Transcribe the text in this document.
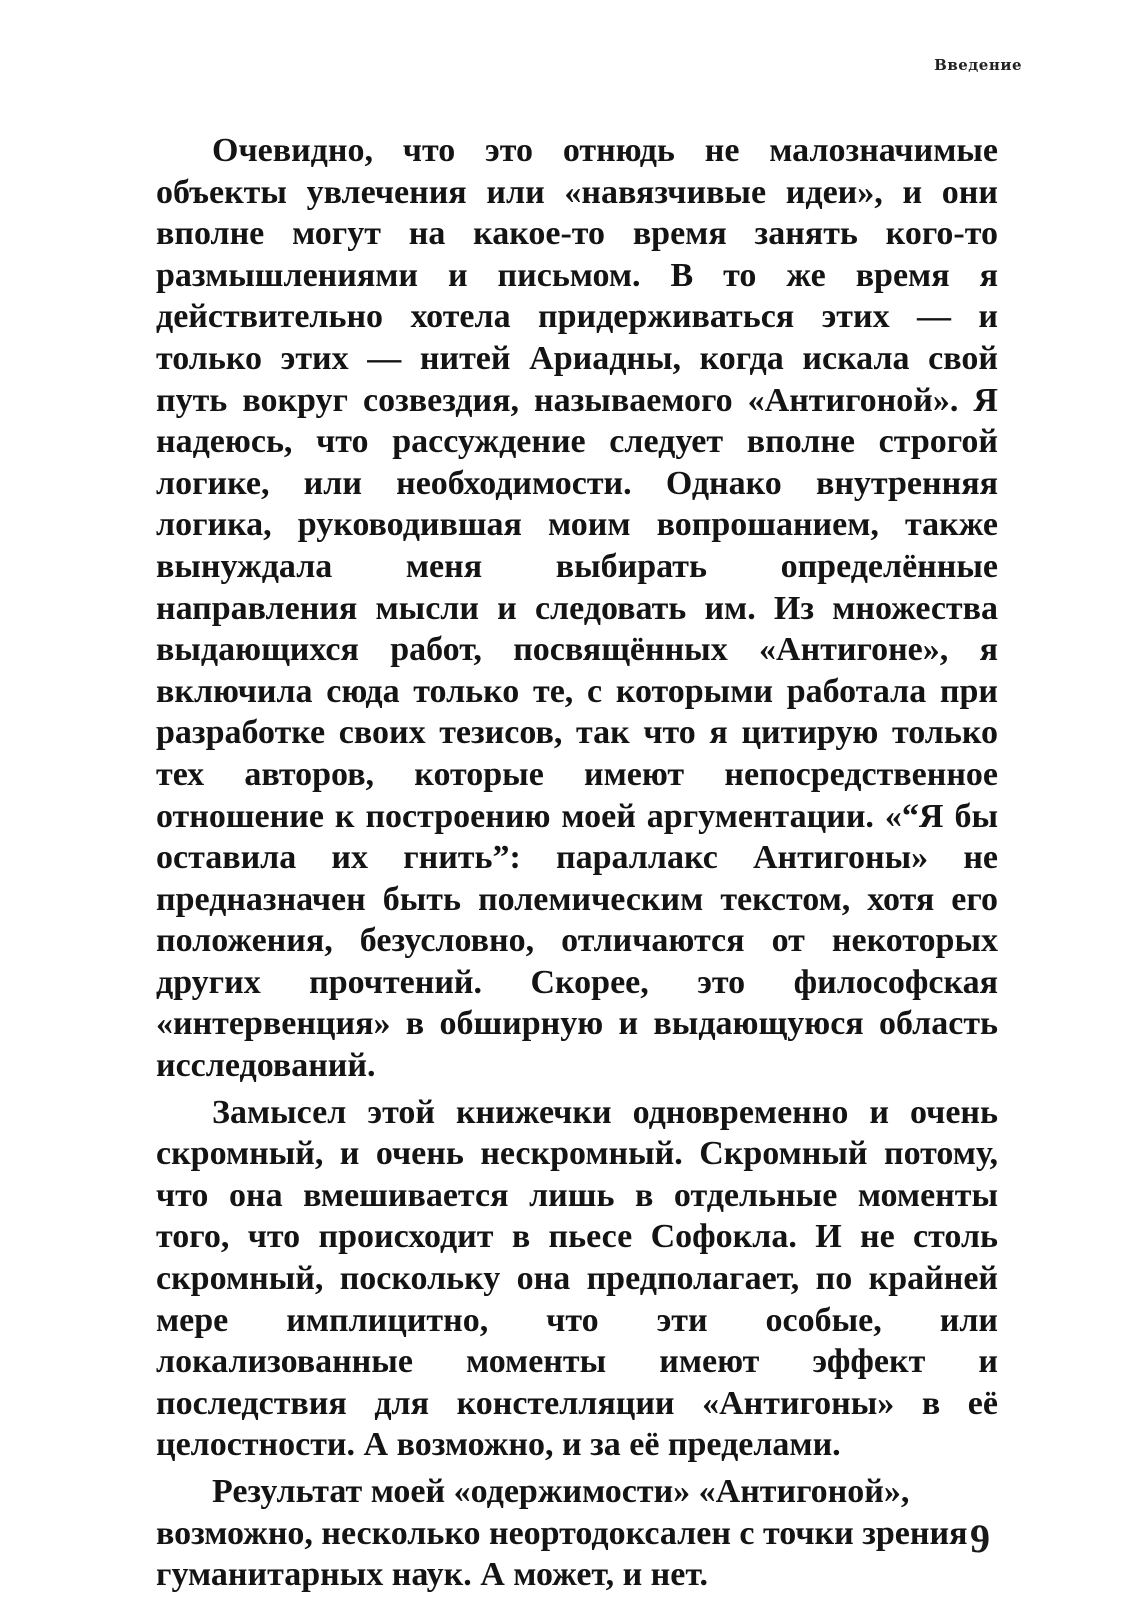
Введение

Очевидно, что это отнюдь не малозначимые объекты увлечения или «навязчивые идеи», и они вполне могут на какое-то время занять кого-то размышлениями и письмом. В то же время я действительно хотела придерживаться этих — и только этих — нитей Ариадны, когда искала свой путь вокруг созвездия, называемого «Антигоной». Я надеюсь, что рассуждение следует вполне строгой логике, или необходимости. Однако внутренняя логика, руководившая моим вопрошанием, также вынуждала меня выбирать определённые направления мысли и следовать им. Из множества выдающихся работ, посвящённых «Антигоне», я включила сюда только те, с которыми работала при разработке своих тезисов, так что я цитирую только тех авторов, которые имеют непосредственное отношение к построению моей аргументации. «“Я бы оставила их гнить”: параллакс Антигоны» не предназначен быть полемическим текстом, хотя его положения, безусловно, отличаются от некоторых других прочтений. Скорее, это философская «интервенция» в обширную и выдающуюся область исследований.

Замысел этой книжечки одновременно и очень скромный, и очень нескромный. Скромный потому, что она вмешивается лишь в отдельные моменты того, что происходит в пьесе Софокла. И не столь скромный, поскольку она предполагает, по крайней мере имплицитно, что эти особые, или локализованные моменты имеют эффект и последствия для констелляции «Антигоны» в её целостности. А возможно, и за её пределами.

Результат моей «одержимости» «Антигоной», возможно, несколько неортодоксален с точки зрения гуманитарных наук. А может, и нет.

9
